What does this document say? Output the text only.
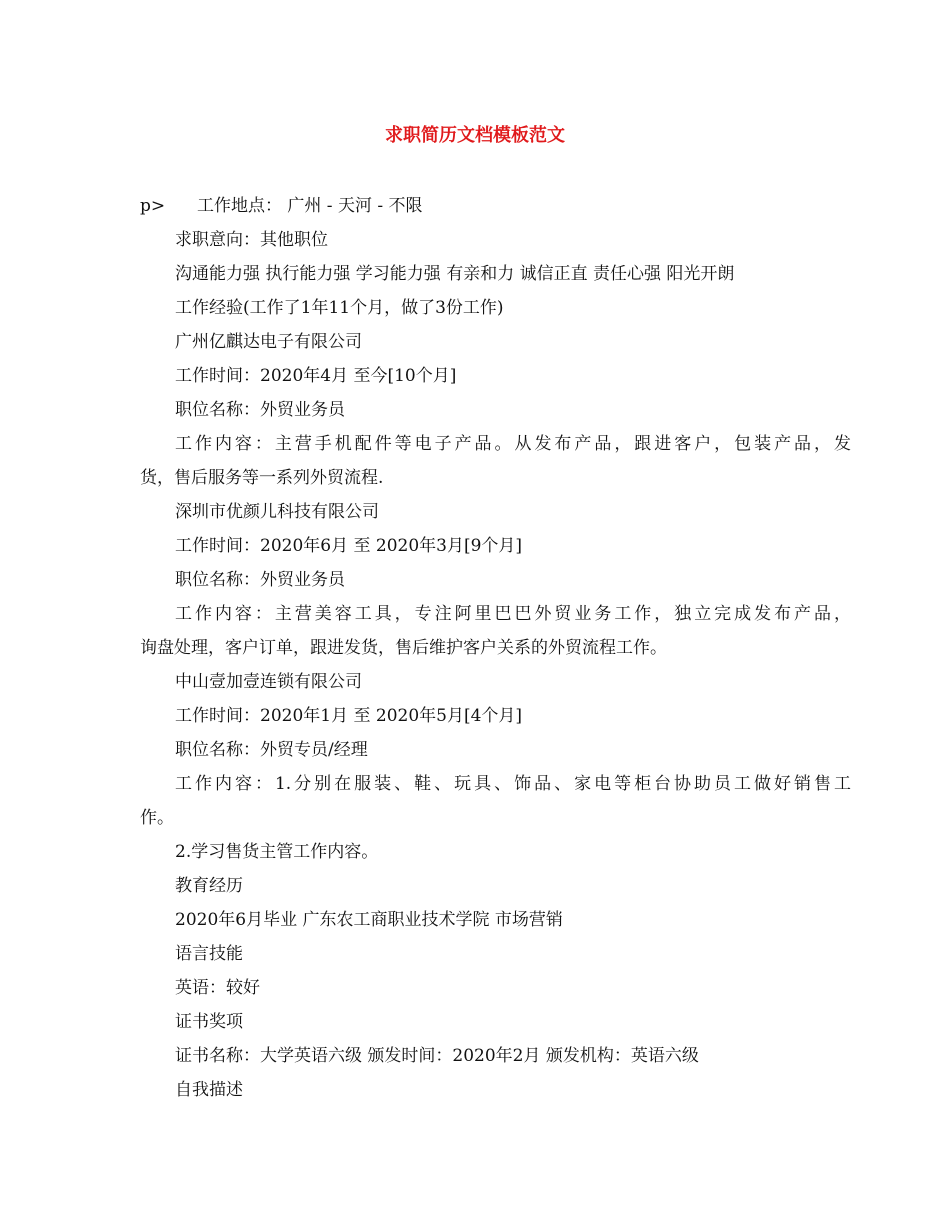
求职简历文档模板范文
p> 工作地点： 广州 - 天河 - 不限
求职意向：其他职位
沟通能力强 执行能力强 学习能力强 有亲和力 诚信正直 责任心强 阳光开朗
工作经验(工作了1年11个月，做了3份工作)
广州亿麒达电子有限公司
工作时间：2020年4月 至今[10个月]
职位名称：外贸业务员
工作内容：主营手机配件等电子产品。从发布产品，跟进客户，包装产品，发
货，售后服务等一系列外贸流程.
深圳市优颜儿科技有限公司
工作时间：2020年6月 至 2020年3月[9个月]
职位名称：外贸业务员
工作内容：主营美容工具，专注阿里巴巴外贸业务工作，独立完成发布产品，
询盘处理，客户订单，跟进发货，售后维护客户关系的外贸流程工作。
中山壹加壹连锁有限公司
工作时间：2020年1月 至 2020年5月[4个月]
职位名称：外贸专员/经理
工作内容：1.分别在服装、鞋、玩具、饰品、家电等柜台协助员工做好销售工
作。
2.学习售货主管工作内容。
教育经历
2020年6月毕业 广东农工商职业技术学院 市场营销
语言技能
英语：较好
证书奖项
证书名称：大学英语六级 颁发时间：2020年2月 颁发机构：英语六级
自我描述
